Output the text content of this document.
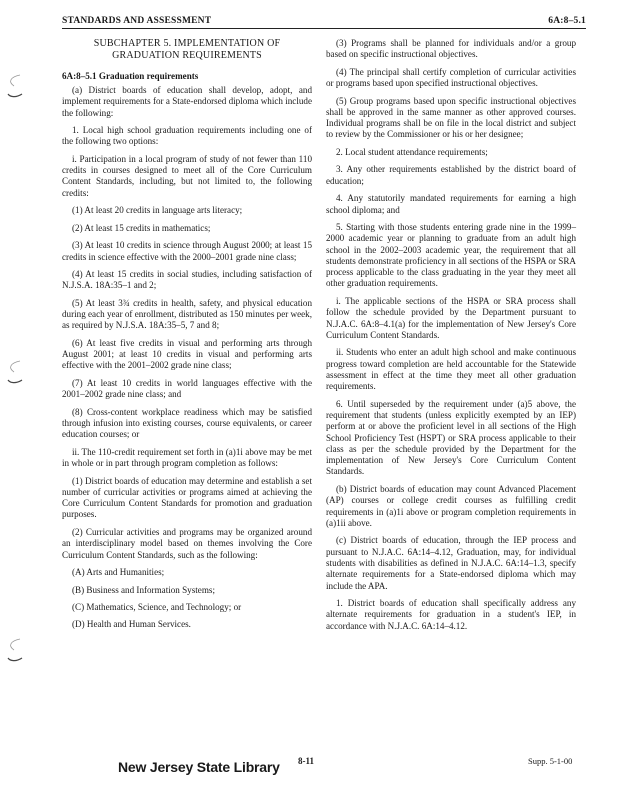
STANDARDS AND ASSESSMENT	6A:8–5.1
SUBCHAPTER 5. IMPLEMENTATION OF GRADUATION REQUIREMENTS
6A:8–5.1 Graduation requirements

(a) District boards of education shall develop, adopt, and implement requirements for a State-endorsed diploma which include the following:

1. Local high school graduation requirements including one of the following two options:

i. Participation in a local program of study of not fewer than 110 credits in courses designed to meet all of the Core Curriculum Content Standards, including, but not limited to, the following credits:

(1) At least 20 credits in language arts literacy;

(2) At least 15 credits in mathematics;

(3) At least 10 credits in science through August 2000; at least 15 credits in science effective with the 2000–2001 grade nine class;

(4) At least 15 credits in social studies, including satisfaction of N.J.S.A. 18A:35–1 and 2;

(5) At least 3¾ credits in health, safety, and physical education during each year of enrollment, distributed as 150 minutes per week, as required by N.J.S.A. 18A:35–5, 7 and 8;

(6) At least five credits in visual and performing arts through August 2001; at least 10 credits in visual and performing arts effective with the 2001–2002 grade nine class;

(7) At least 10 credits in world languages effective with the 2001–2002 grade nine class; and

(8) Cross-content workplace readiness which may be satisfied through infusion into existing courses, course equivalents, or career education courses; or

ii. The 110-credit requirement set forth in (a)1i above may be met in whole or in part through program completion as follows:

(1) District boards of education may determine and establish a set number of curricular activities or programs aimed at achieving the Core Curriculum Content Standards for promotion and graduation purposes.

(2) Curricular activities and programs may be organized around an interdisciplinary model based on themes involving the Core Curriculum Content Standards, such as the following:

(A) Arts and Humanities;

(B) Business and Information Systems;

(C) Mathematics, Science, and Technology; or

(D) Health and Human Services.

(3) Programs shall be planned for individuals and/or a group based on specific instructional objectives.

(4) The principal shall certify completion of curricular activities or programs based upon specified instructional objectives.

(5) Group programs based upon specific instructional objectives shall be approved in the same manner as other approved courses. Individual programs shall be on file in the local district and subject to review by the Commissioner or his or her designee;

2. Local student attendance requirements;

3. Any other requirements established by the district board of education;

4. Any statutorily mandated requirements for earning a high school diploma; and

5. Starting with those students entering grade nine in the 1999–2000 academic year or planning to graduate from an adult high school in the 2002–2003 academic year, the requirement that all students demonstrate proficiency in all sections of the HSPA or SRA process applicable to the class graduating in the year they meet all other graduation requirements.

i. The applicable sections of the HSPA or SRA process shall follow the schedule provided by the Department pursuant to N.J.A.C. 6A:8–4.1(a) for the implementation of New Jersey's Core Curriculum Content Standards.

ii. Students who enter an adult high school and make continuous progress toward completion are held accountable for the Statewide assessment in effect at the time they meet all other graduation requirements.

6. Until superseded by the requirement under (a)5 above, the requirement that students (unless explicitly exempted by an IEP) perform at or above the proficient level in all sections of the High School Proficiency Test (HSPT) or SRA process applicable to their class as per the schedule provided by the Department for the implementation of New Jersey's Core Curriculum Content Standards.

(b) District boards of education may count Advanced Placement (AP) courses or college credit courses as fulfilling credit requirements in (a)1i above or program completion requirements in (a)1ii above.

(c) District boards of education, through the IEP process and pursuant to N.J.A.C. 6A:14–4.12, Graduation, may, for individual students with disabilities as defined in N.J.A.C. 6A:14–1.3, specify alternate requirements for a State-endorsed diploma which may include the APA.

1. District boards of education shall specifically address any alternate requirements for graduation in a student's IEP, in accordance with N.J.A.C. 6A:14–4.12.

New Jersey State Library 8-11	Supp. 5-1-00
